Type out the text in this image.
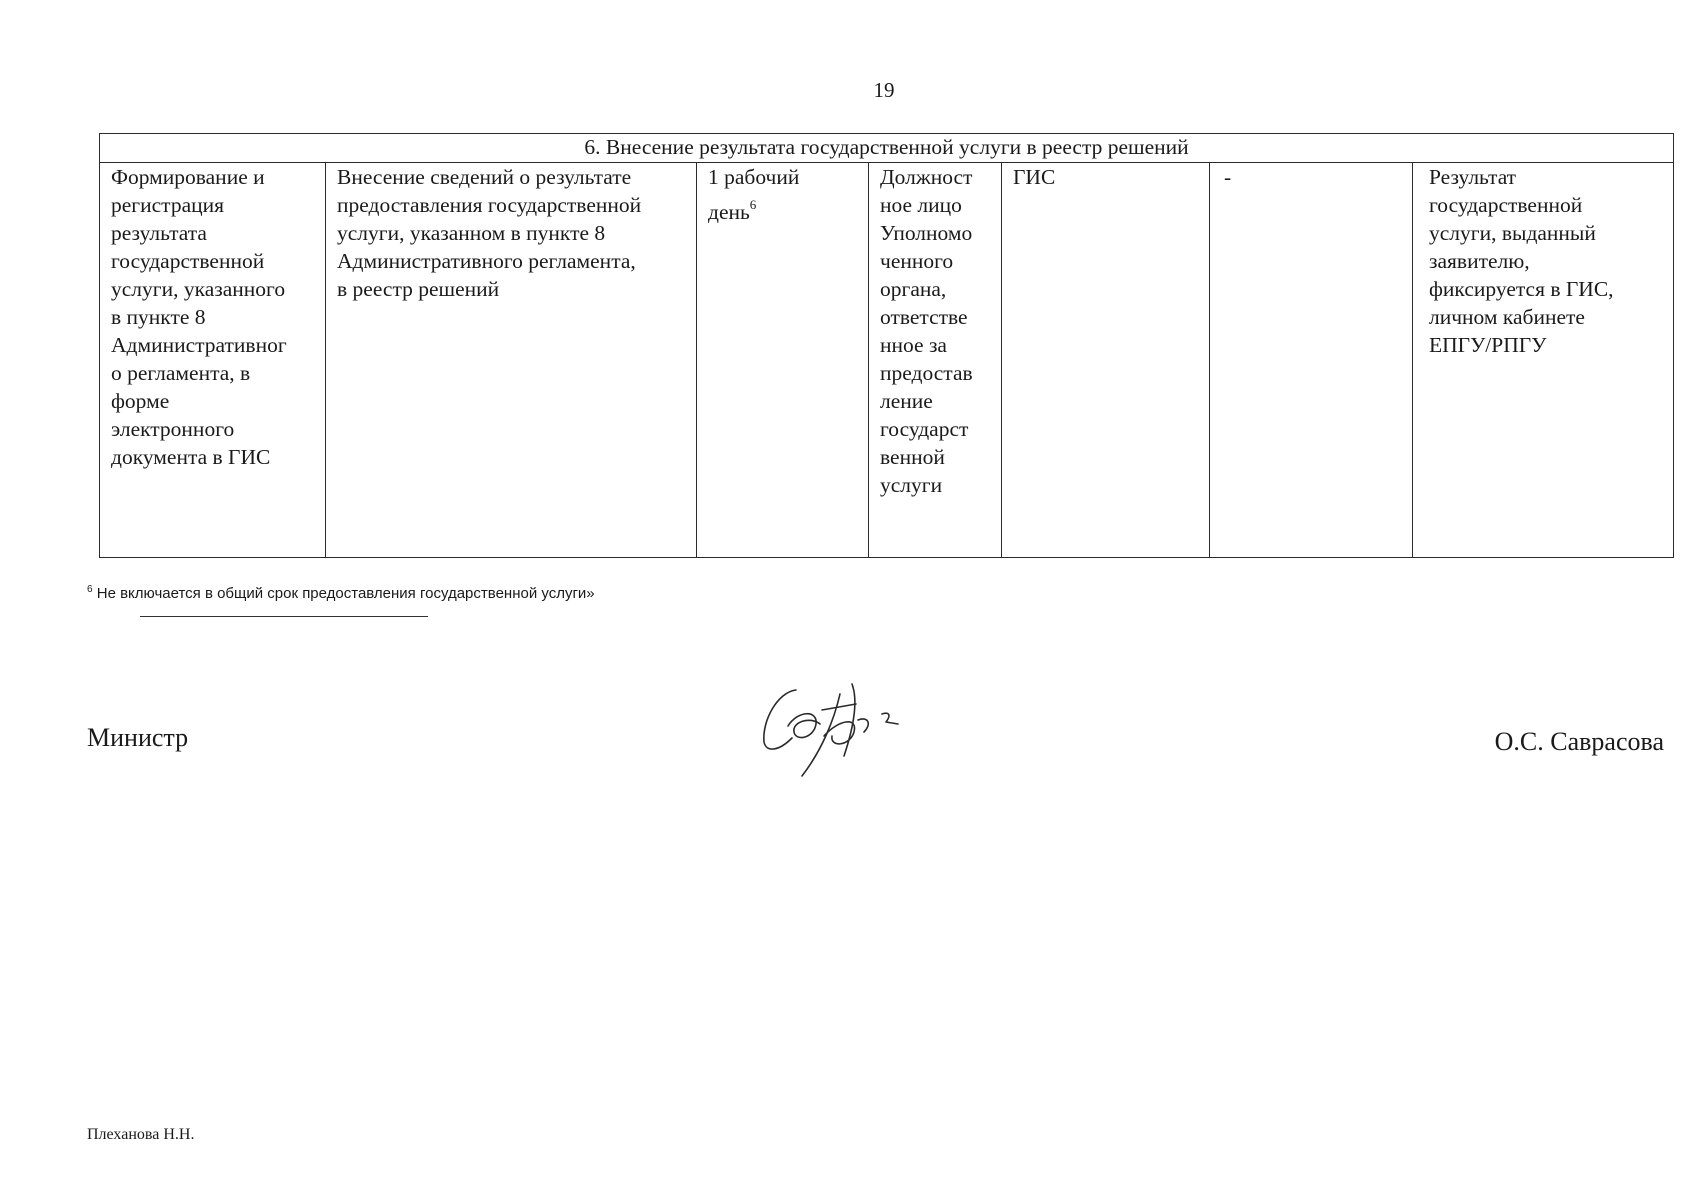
19
6. Внесение результата государственной услуги в реестр решений
Формирование и
регистрация
результата
государственной
услуги, указанного
в пункте 8
Административног
о регламента, в
форме
электронного
документа в ГИС	Внесение сведений о результате
предоставления государственной
услуги, указанном в пункте 8
Административного регламента,
в реестр решений	1 рабочий
день$^6$	Должност
ное лицо
Уполномо
ченного
органа,
ответстве
нное за
предостав
ление
государст
венной
услуги	ГИС	-	Результат
государственной
услуги, выданный
заявителю,
фиксируется в ГИС,
личном кабинете
ЕПГУ/РПГУ
$^6$ Не включается в общий срок предоставления государственной услуги»
Министр	О.С. Саврасова
Плеханова Н.Н.
